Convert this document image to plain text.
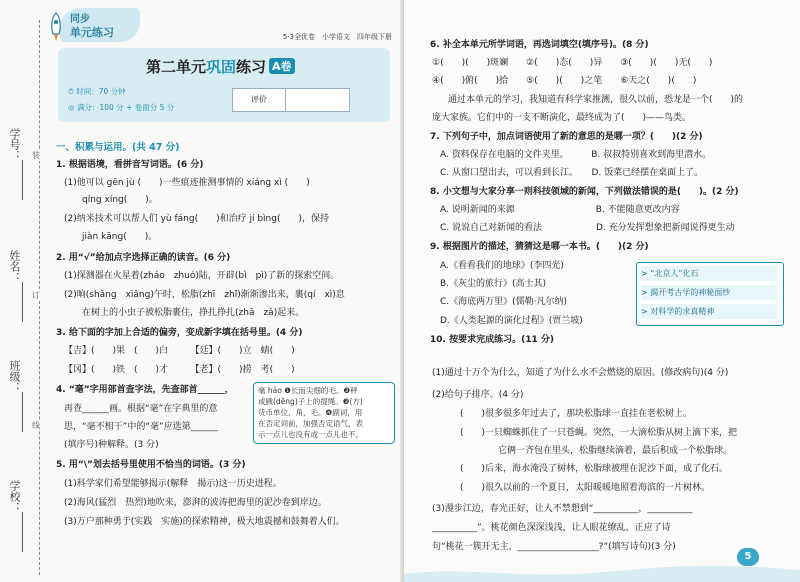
学号：
姓名：
班级：
学校：
装
订
线
同步
单元练习	5·3全优卷　小学语文　四年级下册
第二单元巩固练习 A卷
⏱ 时间：70 分钟
◎ 满分：100 分 + 卷面分 5 分
评价
一、积累与运用。(共 47 分)
1. 根据语境，看拼音写词语。(6 分)
(1)他可以 gēn jù (　　)一些痕迹推测事情的 xiáng xì (　　)
qíng xíng(　　)。
(2)纳米技术可以帮人们 yù fáng(　　)和治疗 jí bìng(　　)，保持
jiàn kāng(　　)。
2. 用“√”给加点字选择正确的读音。(6 分)
(1)探测器在火星着(zháo　zhuó)陆，开辟(bì　pì)了新的探索空间。
(2)晌(shǎng　xiǎng)午时，松脂(zhī　zhǐ)渐渐渗出来，裹(qí　xì)息
在树上的小虫子被松脂裹住，挣扎挣扎(zhā　zǎ)起来。
3. 给下面的字加上合适的偏旁，变成新字填在括号里。(4 分)
【吉】(　　)果　(　　)白　　　【廷】(　　)立　蜻(　　)
【冈】(　　)铁　(　　)才　　　【老】(　　)捞　考(　　)
4. “毫”字用部首查字法，先查部首______，
再查______画。根据“毫”在字典里的意
思，“毫不相干”中的“毫”应选第______
(填序号)种解释。(3 分)
毫 háo ❶长而尖细的毛。❷秤
或戥(děng)子上的提绳。❸(方)
货币单位，角，毛。❹副词，用
在否定词前，加强否定语气，表
示一点儿也没有或一点儿也不。
5. 用“\”划去括号里使用不恰当的词语。(3 分)
(1)科学家们希望能够揭示(解释　揭示)这一历史进程。
(2)海风(猛烈　热烈)地吹来，澎湃的波涛把海里的泥沙卷到岸边。
(3)万户那种勇于(实践　实施)的探索精神，极大地震撼和鼓舞着人们。
6. 补全本单元所学词语，再选词填空(填序号)。(8 分)
①(　　)(　　)斑斓　　②(　　)态(　　)异　　③(　　)(　　)无(　　)
④(　　)俯(　　)拾　　⑤(　　)(　　)之笔　　⑥天之(　　)(　　)
通过本单元的学习，我知道有科学家推测，很久以前，恐龙是一个(　　)的
庞大家族。它们中的一支不断演化，最终成为了(　　)——鸟类。
7. 下列句子中，加点词语使用了新的意思的是哪一项？(　　)(2 分)
A. 资料保存在电脑的文件夹里。　　　B. 叔叔特别喜欢到海里潜水。
C. 从窗口望出去，可以看到长江。　　D. 饭菜已经摆在桌面上了。
8. 小文想与大家分享一则科技领域的新闻，下列做法错误的是(　　)。(2 分)
A. 说明新闻的来源　　　　　　　　　B. 不能随意更改内容
C. 说说自己对新闻的看法　　　　　　D. 充分发挥想象把新闻说得更生动
9. 根据图片的描述，猜猜这是哪一本书。(　　)(2 分)
A.《看看我们的地球》(李四光)
B.《灰尘的旅行》(高士其)
C.《海底两万里》(儒勒·凡尔纳)
D.《人类起源的演化过程》(贾兰坡)
> “北京人”化石
> 揭开考古学的神秘面纱
> 对科学的求真精神
10. 按要求完成练习。(11 分)
(1)通过十万个为什么，知道了为什么水不会燃烧的原因。(修改病句)(4 分)
(2)给句子排序。(4 分)
(　　)很多很多年过去了，那块松脂球一直挂在老松树上。
(　　)一只蜘蛛抓住了一只苍蝇。突然，一大滴松脂从树上滴下来，把
它俩一齐包在里头，松脂继续滴着，最后积成一个松脂球。
(　　)后来，海水淹没了树林，松脂球被埋在泥沙下面，成了化石。
(　　)很久以前的一个夏日，太阳暖暖地照着海滨的一片树林。
(3)漫步江边，春光正好，让人不禁想到“__________，__________
__________”。桃花颜色深深浅浅，让人眼花缭乱，正应了诗
句“桃花一簇开无主，__________________?”(填写诗句)(3 分)
5
